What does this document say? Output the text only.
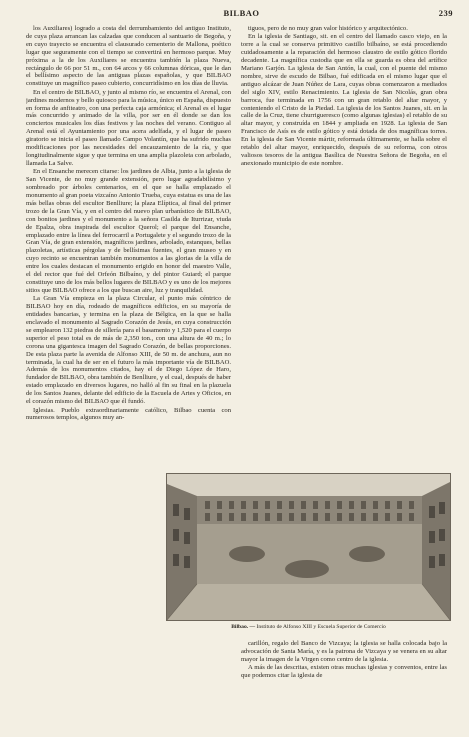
BILBAO	239

los Auxiliares) logrado a costa del derrumbamiento del antiguo Instituto, de cuya plaza arrancan las calzadas que conducen al santuario de Begoña, y en cuyo trayecto se encuentra el clausurado cementerio de Mallona, poético lugar que seguramente con el tiempo se convertirá en hermoso parque. Muy próxima a la de los Auxiliares se encuentra también la plaza Nueva, rectángulo de 66 por 51 m., con 64 arcos y 66 columnas dóricas, que le dan el bellísimo aspecto de las antiguas plazas españolas, y que BILBAO constituye un magnífico paseo cubierto, concurridísimo en los días de lluvia.

En el centro de BILBAO, y junto al mismo río, se encuentra el Arenal, con jardines modernos y bello quiosco para la música, único en España, dispuesto en forma de anfiteatro, con una perfecta caja armónica; el Arenal es el lugar más concurrido y animado de la villa, por ser en él donde se dan los conciertos musicales los días festivos y las noches del verano. Contiguo al Arenal está el Ayuntamiento por una acera adelfada, y el lugar de paseo giratorio se inicia el paseo llamado Campo Volantín, que ha sufrido muchas modificaciones por las necesidades del encauzamiento de la ría, y que longitudinalmente sigue y que termina en una amplia plazoleta con arbolado, llamada La Salve.

En el Ensanche merecen citarse: los jardines de Albia, junto a la iglesia de San Vicente, de no muy grande extensión, pero lugar agradabilísimo y sombreado por árboles centenarios, en el que se halla emplazado el monumento al gran poeta vizcaíno Antonio Trueba, cuya estatua es una de las más bellas obras del escultor Benlliure; la plaza Elíptica, al final del primer trozo de la Gran Vía, y en el centro del nuevo plan urbanístico de BILBAO, con bonitos jardines y el monumento a la señora Casilda de Iturrizar, viuda de Epalza, obra inspirada del escultor Querol; el parque del Ensanche, emplazado entre la línea del ferrocarril a Portugalete y el segundo trozo de la Gran Vía, de gran extensión, magníficos jardines, arbolado, estanques, bellas plazoletas, artísticas pérgolas y de bellísimas fuentes, el gran museo y en cuyo recinto se encuentran también monumentos a las glorias de la villa de entre los cuales destacan el monumento erigido en honor del maestro Valle, el del rector que fué del Orfeón Bilbaíno, y del pintor Guiard; el parque constituye uno de los más bellos lugares de BILBAO y es uno de los mejores sitios que BILBAO ofrece a los que buscan aire, luz y tranquilidad.

La Gran Vía empieza en la plaza Circular, el punto más céntrico de BILBAO hoy en día, rodeado de magníficos edificios, en su mayoría de entidades bancarias, y termina en la plaza de Bélgica, en la que se halla enclavado el monumento al Sagrado Corazón de Jesús, en cuya construcción se emplearon 132 piedras de sillería para el basamento y 1,520 para el cuerpo superior el peso total es de más de 2,350 ton., con una altura de 40 m.; lo corona una gigantesca imagen del Sagrado Corazón, de bellas proporciones. De esta plaza parte la avenida de Alfonso XIII, de 50 m. de anchura, aun no terminada, la cual ha de ser en el futuro la más importante vía de BILBAO. Además de los monumentos citados, hay el de Diego López de Haro, fundador de BILBAO, obra también de Benlliure, y el cual, después de haber estado emplazado en diversos lugares, no halló al fin su final en la plazuela de los Santos Juanes, delante del edificio de la Escuela de Artes y Oficios, en el corazón mismo del BILBAO que él fundó.

Iglesias. Pueblo extraordinariamente católico, Bilbao cuenta con numerosos templos, algunos muy an-

tiguos, pero de no muy gran valor histórico y arquitectónico.

En la iglesia de Santiago, sit. en el centro del llamado casco viejo, en la torre a la cual se conserva primitivo castillo bilbaíno, se está procediendo cuidadosamente a la reparación del hermoso claustro de estilo gótico florido decadente. La magnífica custodia que en ella se guarda es obra del artífice Mariano Garjón. La iglesia de San Antón, la cual, con el puente del mismo nombre, sirve de escudo de Bilbao, fué edificada en el mismo lugar que el antiguo alcázar de Juan Núñez de Lara, cuyas obras comenzaron a mediados del siglo XIV, estilo Renacimiento. La iglesia de San Nicolás, gran obra barroca, fue terminada en 1756 con un gran retablo del altar mayor, y conteniendo el Cristo de la Piedad. La iglesia de los Santos Juanes, sit. en la calle de la Cruz, tiene churrigueresco (como algunas iglesias) el retablo de su altar mayor, y construída en 1844 y ampliada en 1928. La iglesia de San Francisco de Asís es de estilo gótico y está dotada de dos magníficas torres. En la iglesia de San Vicente mártir, reformada últimamente, se halla sobre el retablo del altar mayor, enriquecido, después de su reforma, con otros valiosos tesoros de la antigua Basílica de Nuestra Señora de Begoña, en el anexionado municipio de este nombre.

Bilbao. — Instituto de Alfonso XIII y Escuela Superior de Comercio

carillón, regalo del Banco de Vizcaya; la iglesia se halla colocada bajo la advocación de Santa María, y es la patrona de Vizcaya y se venera en su altar mayor la imagen de la Virgen como centro de la iglesia.

A más de las descritas, existen otras muchas iglesias y conventos, entre las que podemos citar la iglesia de
